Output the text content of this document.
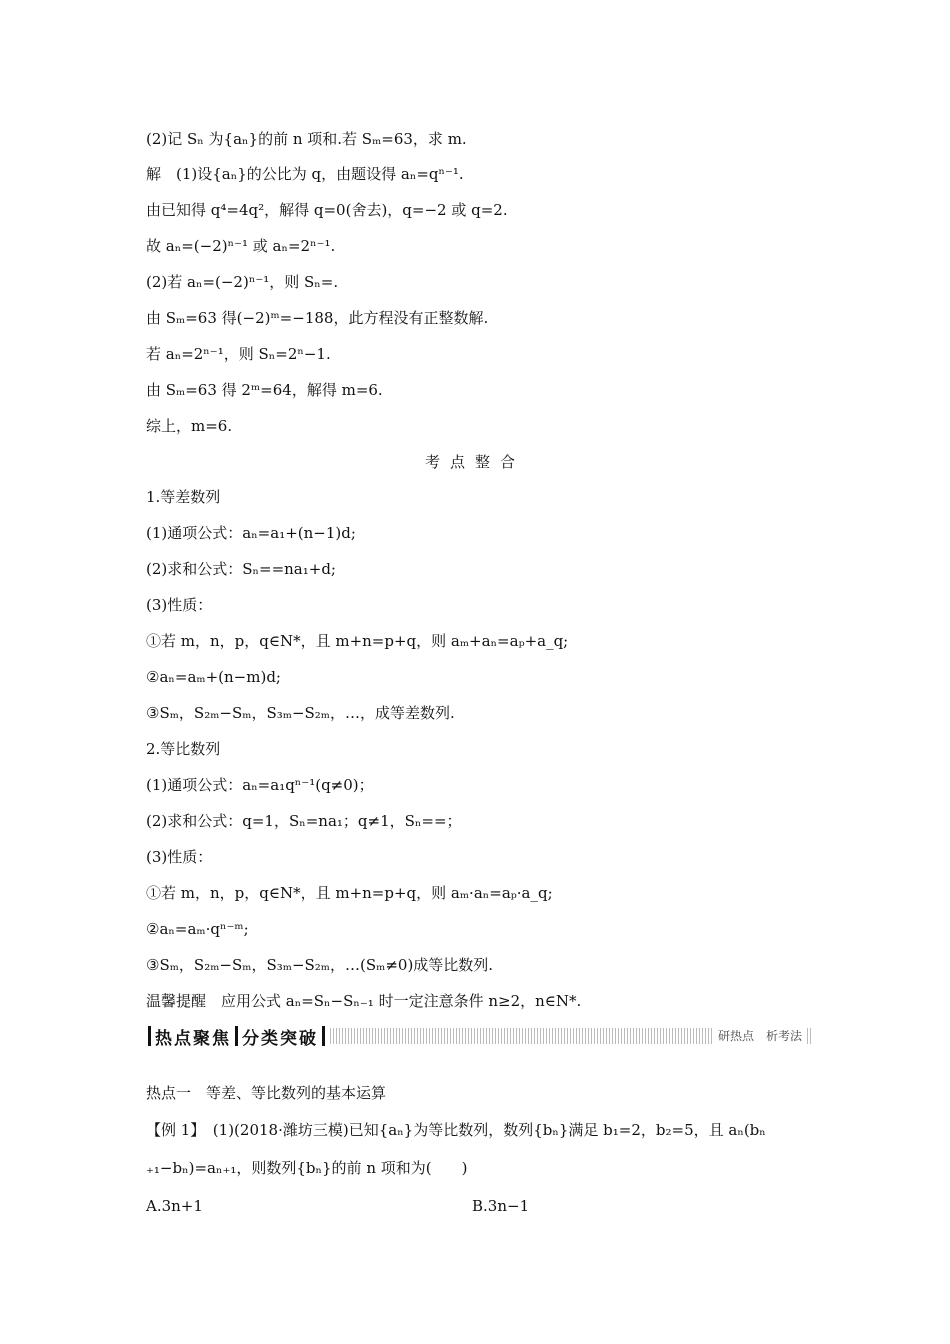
(2)记 Sₙ 为{aₙ}的前 n 项和.若 Sₘ=63，求 m.
解　(1)设{aₙ}的公比为 q，由题设得 aₙ=qⁿ⁻¹.
由已知得 q⁴=4q²，解得 q=0(舍去)，q=−2 或 q=2.
故 aₙ=(−2)ⁿ⁻¹ 或 aₙ=2ⁿ⁻¹.
(2)若 aₙ=(−2)ⁿ⁻¹，则 Sₙ=.
由 Sₘ=63 得(−2)ᵐ=−188，此方程没有正整数解.
若 aₙ=2ⁿ⁻¹，则 Sₙ=2ⁿ−1.
由 Sₘ=63 得 2ᵐ=64，解得 m=6.
综上，m=6.
考点整合
1.等差数列
(1)通项公式：aₙ=a₁+(n−1)d;
(2)求和公式：Sₙ==na₁+d;
(3)性质：
①若 m，n，p，q∈N*，且 m+n=p+q，则 aₘ+aₙ=aₚ+a_q;
②aₙ=aₘ+(n−m)d;
③Sₘ，S₂ₘ−Sₘ，S₃ₘ−S₂ₘ，…，成等差数列.
2.等比数列
(1)通项公式：aₙ=a₁qⁿ⁻¹(q≠0)；
(2)求和公式：q=1，Sₙ=na₁；q≠1，Sₙ==；
(3)性质：
①若 m，n，p，q∈N*，且 m+n=p+q，则 aₘ·aₙ=aₚ·a_q;
②aₙ=aₘ·qⁿ⁻ᵐ;
③Sₘ，S₂ₘ−Sₘ，S₃ₘ−S₂ₘ，…(Sₘ≠0)成等比数列.
温馨提醒　应用公式 aₙ=Sₙ−Sₙ₋₁ 时一定注意条件 n≥2，n∈N*.
热点聚焦 分类突破	研热点　析考法
热点一　等差、等比数列的基本运算
【例 1】　(1)(2018·潍坊三模)已知{aₙ}为等比数列，数列{bₙ}满足 b₁=2，b₂=5，且 aₙ(bₙ
₊₁−bₙ)=aₙ₊₁，则数列{bₙ}的前 n 项和为(　　)
A.3n+1	B.3n−1
